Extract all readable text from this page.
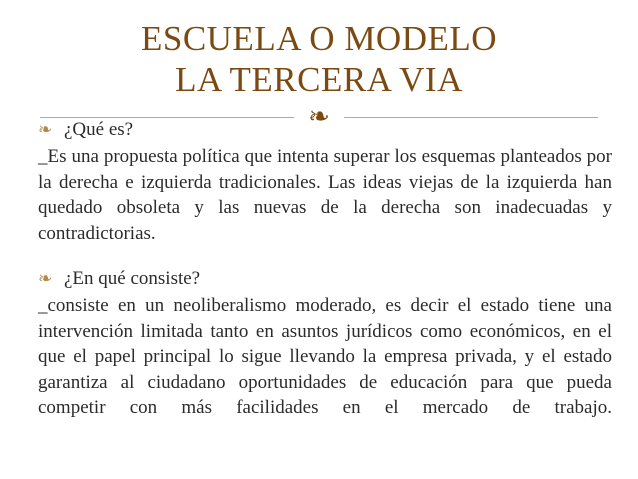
ESCUELA O MODELO
LA TERCERA VIA
❧
❧ ¿Qué es?

_Es una propuesta política que intenta superar los esquemas planteados por la derecha e izquierda tradicionales. Las ideas viejas de la izquierda han quedado obsoleta y las nuevas de la derecha son inadecuadas y contradictorias.

❧ ¿En qué consiste?

_consiste en un neoliberalismo moderado, es decir el estado tiene una intervención limitada tanto en asuntos jurídicos como económicos, en el que el papel principal lo sigue llevando la empresa privada, y el estado garantiza al ciudadano oportunidades de educación para que pueda competir con más facilidades en el mercado de trabajo.
